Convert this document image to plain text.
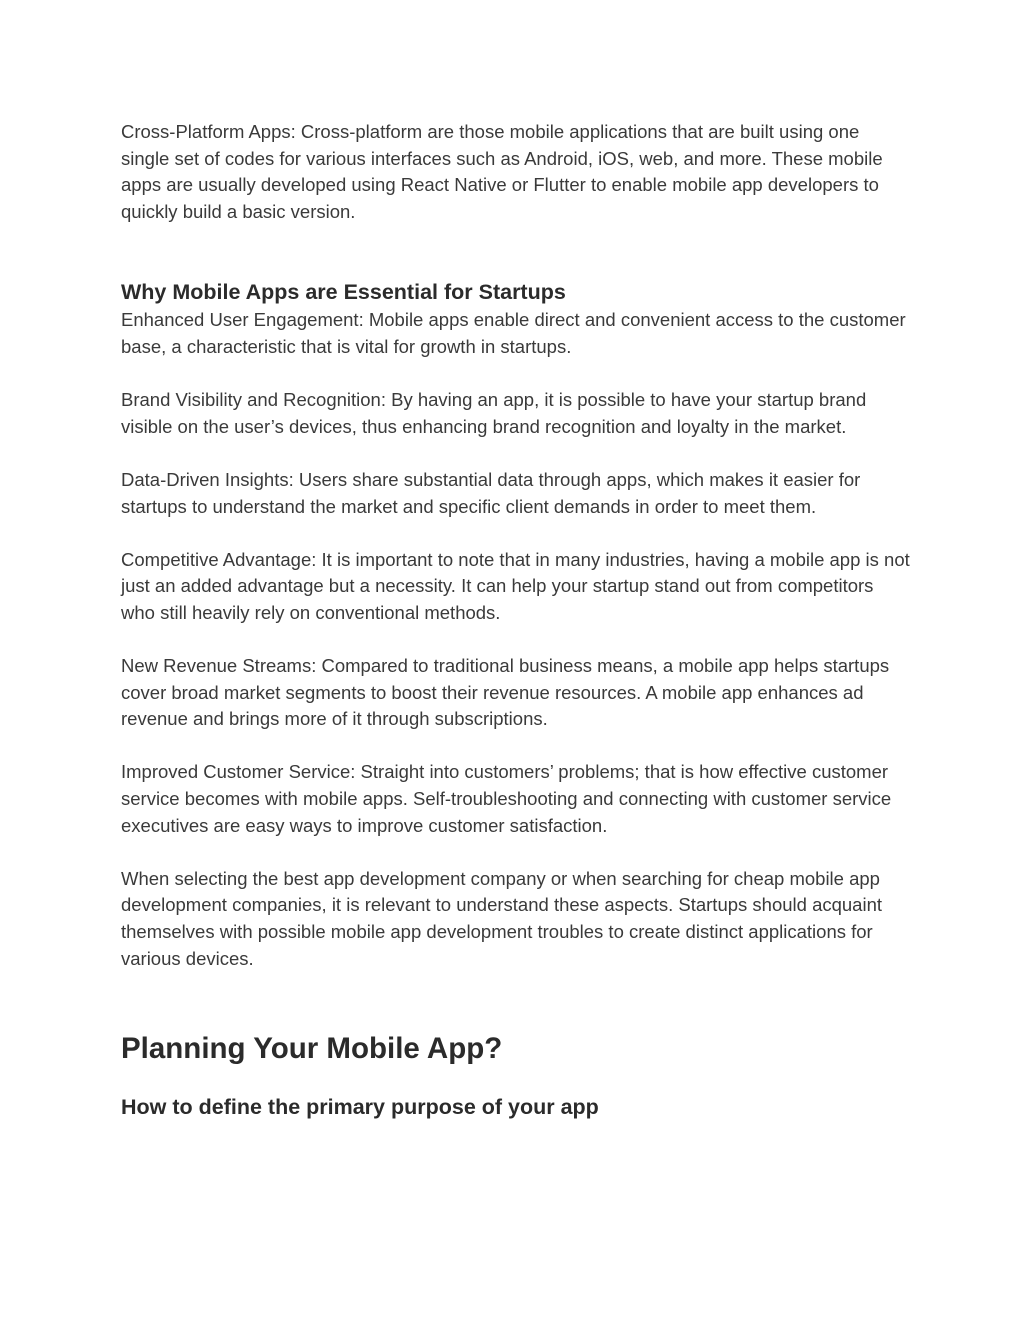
Cross-Platform Apps: Cross-platform are those mobile applications that are built using one single set of codes for various interfaces such as Android, iOS, web, and more. These mobile apps are usually developed using React Native or Flutter to enable mobile app developers to quickly build a basic version.

Why Mobile Apps are Essential for Startups

Enhanced User Engagement: Mobile apps enable direct and convenient access to the customer base, a characteristic that is vital for growth in startups.

Brand Visibility and Recognition: By having an app, it is possible to have your startup brand visible on the user’s devices, thus enhancing brand recognition and loyalty in the market.

Data-Driven Insights: Users share substantial data through apps, which makes it easier for startups to understand the market and specific client demands in order to meet them.

Competitive Advantage: It is important to note that in many industries, having a mobile app is not just an added advantage but a necessity. It can help your startup stand out from competitors who still heavily rely on conventional methods.

New Revenue Streams: Compared to traditional business means, a mobile app helps startups cover broad market segments to boost their revenue resources. A mobile app enhances ad revenue and brings more of it through subscriptions.

Improved Customer Service: Straight into customers’ problems; that is how effective customer service becomes with mobile apps. Self-troubleshooting and connecting with customer service executives are easy ways to improve customer satisfaction.

When selecting the best app development company or when searching for cheap mobile app development companies, it is relevant to understand these aspects. Startups should acquaint themselves with possible mobile app development troubles to create distinct applications for various devices.

Planning Your Mobile App?
How to define the primary purpose of your app
